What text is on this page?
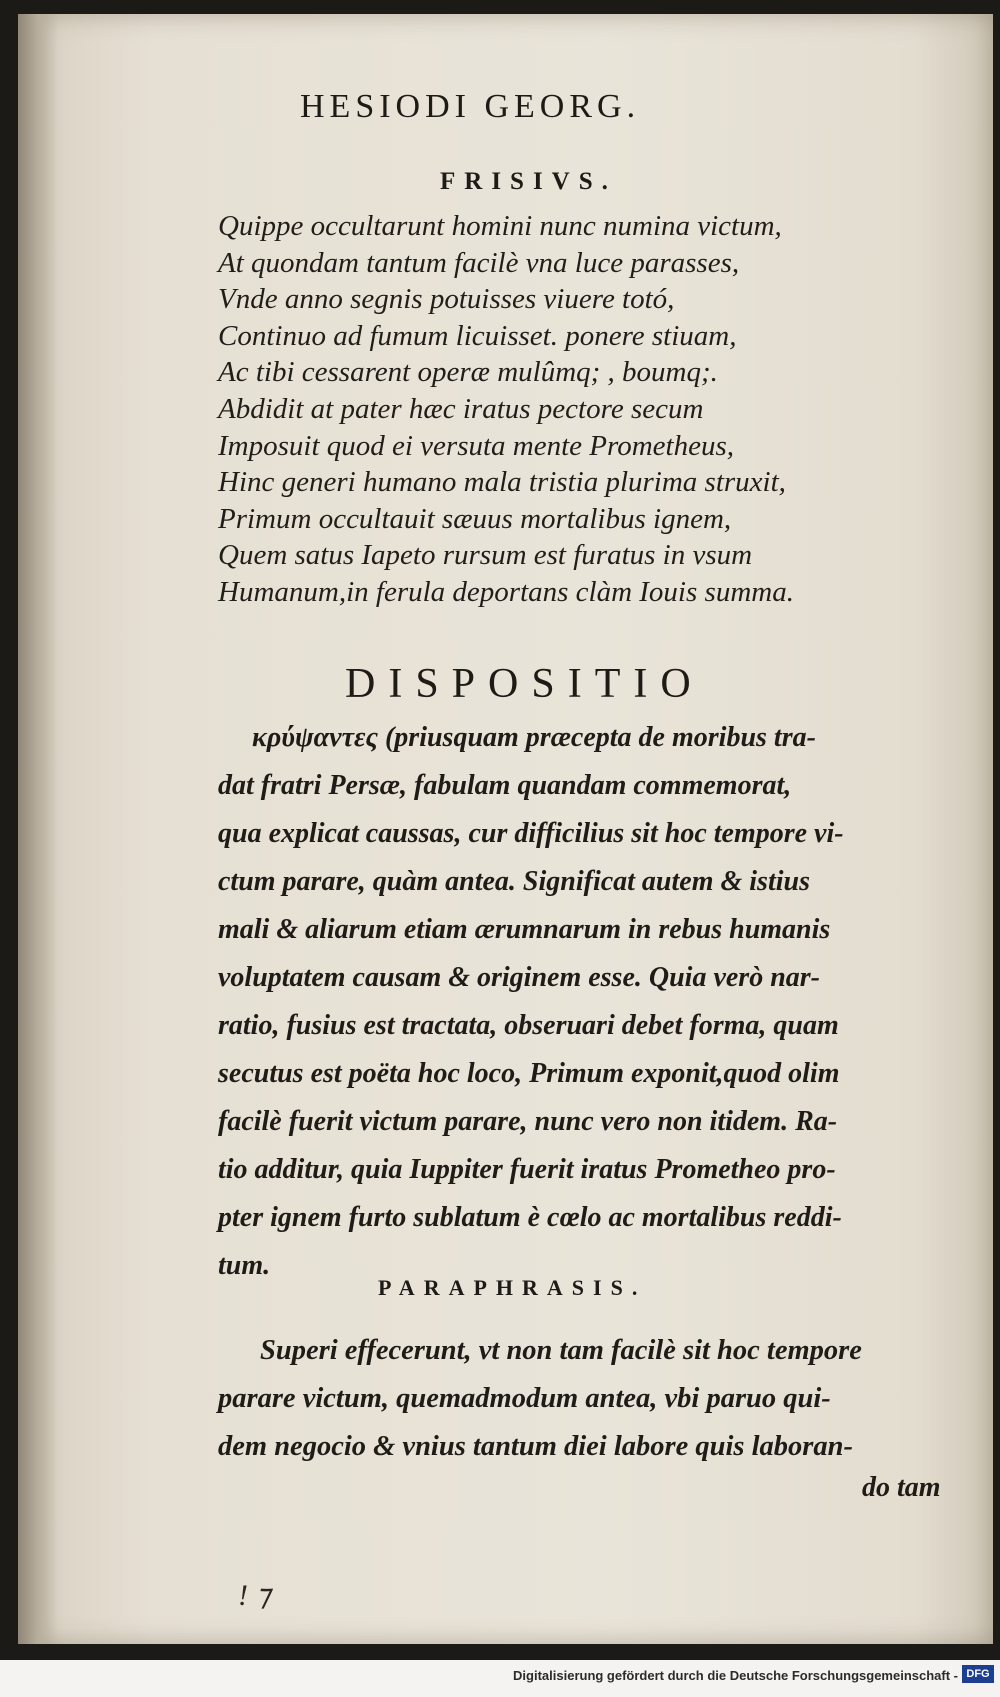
HESIODI GEORG.
FRISIVS.
Quippe occultarunt homini nunc numina victum,
At quondam tantum facilè vna luce parasses,
Vnde anno segnis potuisses viuere totó,
Continuo ad fumum licuisset. ponere stiuam,
Ac tibi cessarent operæ mulûmq; , boumq;.
Abdidit at pater hæc iratus pectore secum
Imposuit quod ei versuta mente Prometheus,
Hinc generi humano mala tristia plurima struxit,
Primum occultauit sæuus mortalibus ignem,
Quem satus Iapeto rursum est furatus in vsum
Humanum,in ferula deportans clàm Iouis summa.
DISPOSITIO
κρύψαντες (priusquam præcepta de moribus tra-
dat fratri Persæ, fabulam quandam commemorat,
qua explicat caussas, cur difficilius sit hoc tempore vi-
ctum parare, quàm antea. Significat autem & istius
mali & aliarum etiam ærumnarum in rebus humanis
voluptatem causam & originem esse. Quia verò nar-
ratio, fusius est tractata, obseruari debet forma, quam
secutus est poëta hoc loco, Primum exponit,quod olim
facilè fuerit victum parare, nunc vero non itidem. Ra-
tio additur, quia Iuppiter fuerit iratus Prometheo pro-
pter ignem furto sublatum è cœlo ac mortalibus reddi-
tum.
PARAPHRASIS.
Superi effecerunt, vt non tam facilè sit hoc tempore
parare victum, quemadmodum antea, vbi paruo qui-
dem negocio & vnius tantum diei labore quis laboran-
do tam
ǃ ⁊
Digitalisierung gefördert durch die Deutsche Forschungsgemeinschaft - DFG
